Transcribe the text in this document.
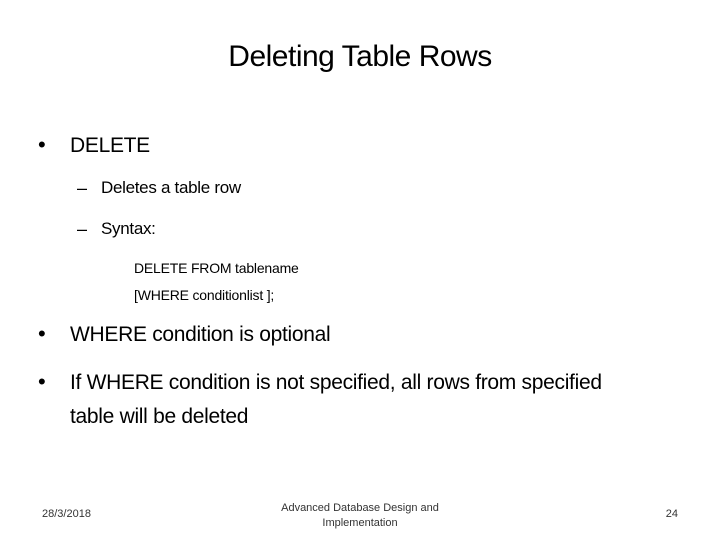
Deleting Table Rows
•	DELETE
– Deletes a table row
– Syntax:
DELETE FROM tablename
[WHERE conditionlist ];
•	WHERE condition is optional
•	If WHERE condition is not specified, all rows from specified table will be deleted
28/3/2018	Advanced Database Design and Implementation
24
